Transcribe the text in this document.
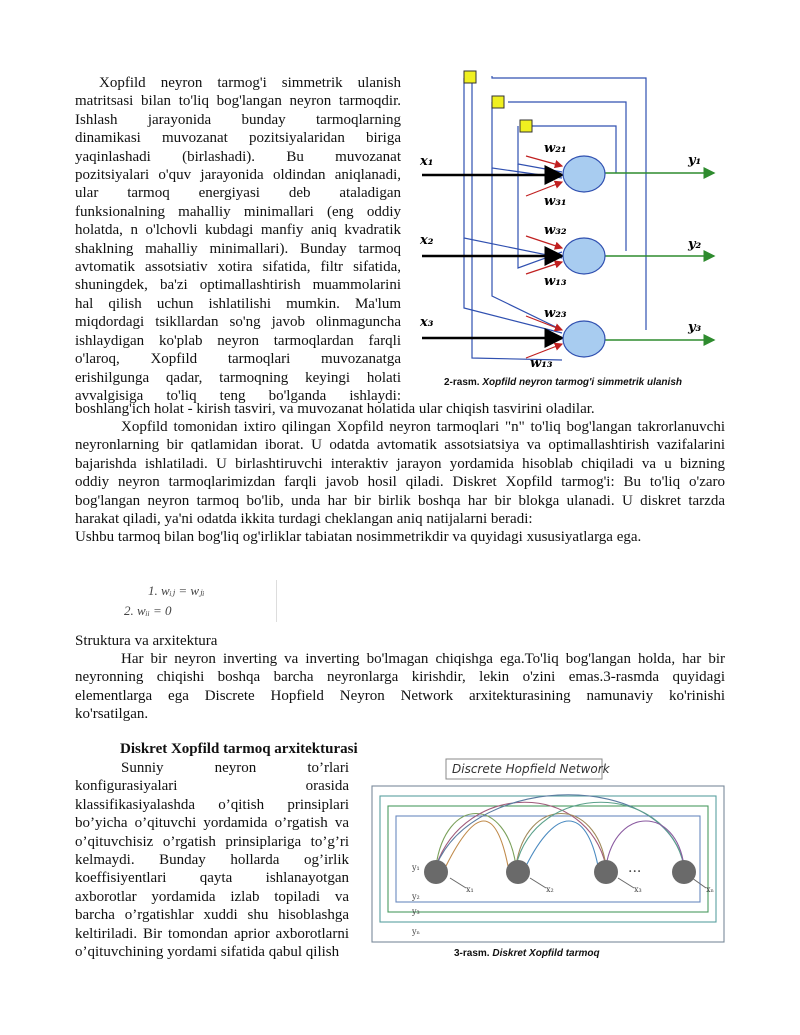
Xopfild neyron tarmog'i simmetrik ulanish
matritsasi bilan to'liq bog'langan neyron tarmoqdir.
Ishlash jarayonida bunday tarmoqlarning
dinamikasi muvozanat pozitsiyalaridan biriga
yaqinlashadi (birlashadi). Bu muvozanat
pozitsiyalari o'quv jarayonida oldindan aniqlanadi,
ular tarmoq energiyasi deb ataladigan
funksionalning mahalliy minimallari (eng oddiy
holatda, n o'lchovli kubdagi manfiy aniq kvadratik
shaklning mahalliy minimallari). Bunday tarmoq
avtomatik assotsiativ xotira sifatida, filtr sifatida,
shuningdek, ba'zi optimallashtirish muammolarini
hal qilish uchun ishlatilishi mumkin. Ma'lum
miqdordagi tsikllardan so'ng javob olinmaguncha
ishlaydigan ko'plab neyron tarmoqlardan farqli
o'laroq, Xopfild tarmoqlari muvozanatga
erishilgunga qadar, tarmoqning keyingi holati
avvalgisiga to'liq teng bo'lganda ishlaydi:
boshlang'ich holat - kirish tasviri, va muvozanat holatida ular chiqish tasvirini oladilar.
x₁
x₂
x₃
y₁
y₂
y₃
w₂₁
w₃₁
w₃₂
w₁₃
w₂₃
w₁₃
2-rasm. Xopfild neyron tarmog'i simmetrik ulanish
Xopfild tomonidan ixtiro qilingan Xopfild neyron tarmoqlari "n" to'liq bog'langan takrorlanuvchi
neyronlarning bir qatlamidan iborat. U odatda avtomatik assotsiatsiya va optimallashtirish vazifalarini
bajarishda ishlatiladi. U birlashtiruvchi interaktiv jarayon yordamida hisoblab chiqiladi va u bizning
oddiy neyron tarmoqlarimizdan farqli javob hosil qiladi. Diskret Xopfild tarmog'i: Bu to'liq o'zaro
bog'langan neyron tarmoq bo'lib, unda har bir birlik boshqa har bir blokga ulanadi. U diskret tarzda
harakat qiladi, ya'ni odatda ikkita turdagi cheklangan aniq natijalarni beradi:
Ushbu tarmoq bilan bog'liq og'irliklar tabiatan nosimmetrikdir va quyidagi xususiyatlarga ega.
1. wᵢⱼ = wⱼᵢ
2. wᵢᵢ = 0
Struktura va arxitektura
Har bir neyron inverting va inverting bo'lmagan chiqishga ega.To'liq bog'langan holda, har bir
neyronning chiqishi boshqa barcha neyronlarga kirishdir, lekin o'zini emas.3-rasmda quyidagi
elementlarga ega Discrete Hopfield Neyron Network arxitekturasining namunaviy ko'rinishi
ko'rsatilgan.
Diskret Xopfild tarmoq arxitekturasi
Sunniy neyron to’rlari
konfigurasiyalari orasida
klassifikasiyalashda o’qitish prinsiplari
bo’yicha o’qituvchi yordamida o’rgatish va
o’qituvchisiz o’rgatish prinsiplariga to’g’ri
kelmaydi. Bunday hollarda og’irlik
koeffisiyentlari qayta ishlanayotgan
axborotlar yordamida izlab topiladi va
barcha o’rgatishlar xuddi shu hisoblashga
keltiriladi. Bir tomondan aprior axborotlarni
o’qituvchining yordami sifatida qabul qilish
Discrete Hopfield Network
...
x₁	x₂	x₃	xₙ
y₁
y₂
y₃
yₙ
3-rasm. Diskret Xopfild tarmoq
